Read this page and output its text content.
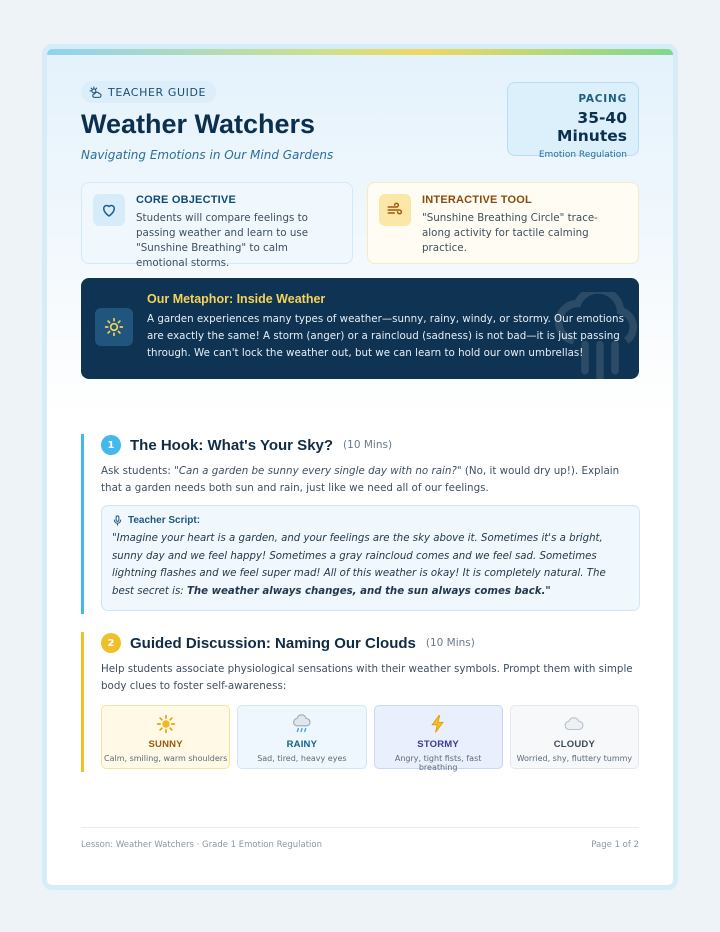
TEACHER GUIDE
Weather Watchers
Navigating Emotions in Our Mind Gardens
PACING
35-40 Minutes
Emotion Regulation
CORE OBJECTIVE
Students will compare feelings to passing weather and learn to use "Sunshine Breathing" to calm emotional storms.
INTERACTIVE TOOL
"Sunshine Breathing Circle" trace-along activity for tactile calming practice.
Our Metaphor: Inside Weather
A garden experiences many types of weather—sunny, rainy, windy, or stormy. Our emotions are exactly the same! A storm (anger) or a raincloud (sadness) is not bad—it is just passing through. We can't lock the weather out, but we can learn to hold our own umbrellas!
1	The Hook: What's Your Sky? (10 Mins)
Ask students: "Can a garden be sunny every single day with no rain?" (No, it would dry up!). Explain that a garden needs both sun and rain, just like we need all of our feelings.
Teacher Script:
"Imagine your heart is a garden, and your feelings are the sky above it. Sometimes it's a bright, sunny day and we feel happy! Sometimes a gray raincloud comes and we feel sad. Sometimes lightning flashes and we feel super mad! All of this weather is okay! It is completely natural. The best secret is: The weather always changes, and the sun always comes back."
2	Guided Discussion: Naming Our Clouds (10 Mins)
Help students associate physiological sensations with their weather symbols. Prompt them with simple body clues to foster self-awareness:
SUNNY
Calm, smiling, warm shoulders
RAINY
Sad, tired, heavy eyes
STORMY
Angry, tight fists, fast breathing
CLOUDY
Worried, shy, fluttery tummy
Lesson: Weather Watchers · Grade 1 Emotion Regulation	Page 1 of 2
